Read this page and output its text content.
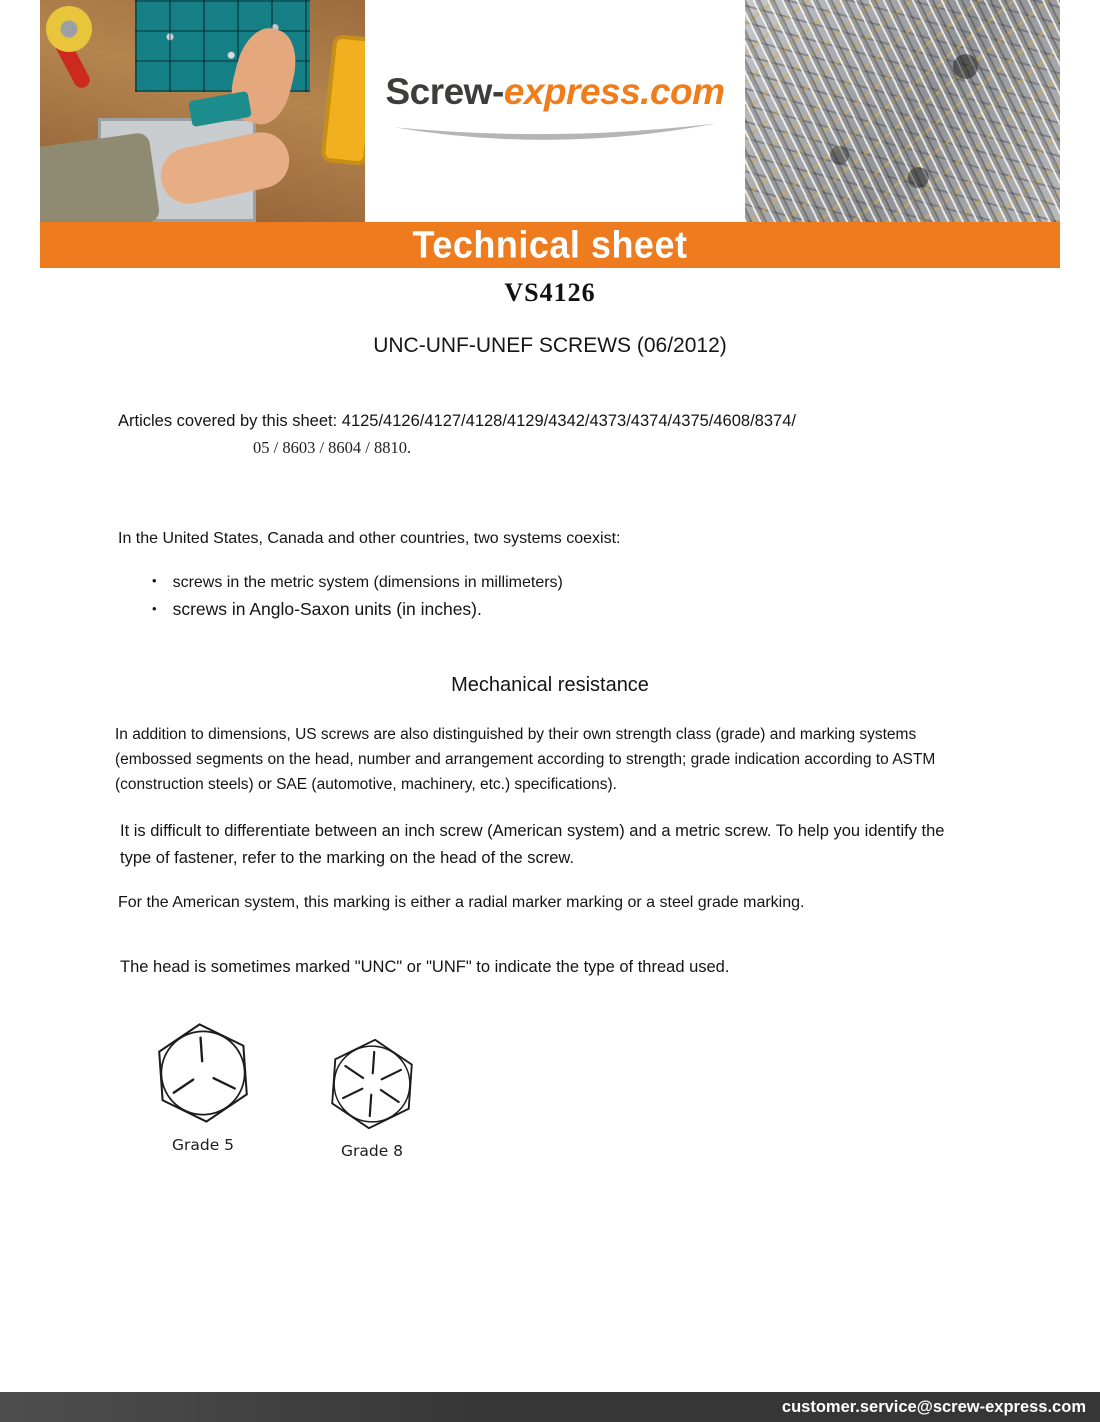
Screw-express.com
Technical sheet
VS4126
UNC-UNF-UNEF SCREWS (06/2012)
Articles covered by this sheet: 4125/4126/4127/4128/4129/4342/4373/4374/4375/4608/8374/
05 / 8603 / 8604 / 8810.
In the United States, Canada and other countries, two systems coexist:
• screws in the metric system (dimensions in millimeters)
• screws in Anglo-Saxon units (in inches).
Mechanical resistance
In addition to dimensions, US screws are also distinguished by their own strength class (grade) and marking systems (embossed segments on the head, number and arrangement according to strength; grade indication according to ASTM (construction steels) or SAE (automotive, machinery, etc.) specifications).
It is difficult to differentiate between an inch screw (American system) and a metric screw. To help you identify the type of fastener, refer to the marking on the head of the screw.
For the American system, this marking is either a radial marker marking or a steel grade marking.
The head is sometimes marked "UNC" or "UNF" to indicate the type of thread used.
Grade 5	Grade 8
customer.service@screw-express.com
